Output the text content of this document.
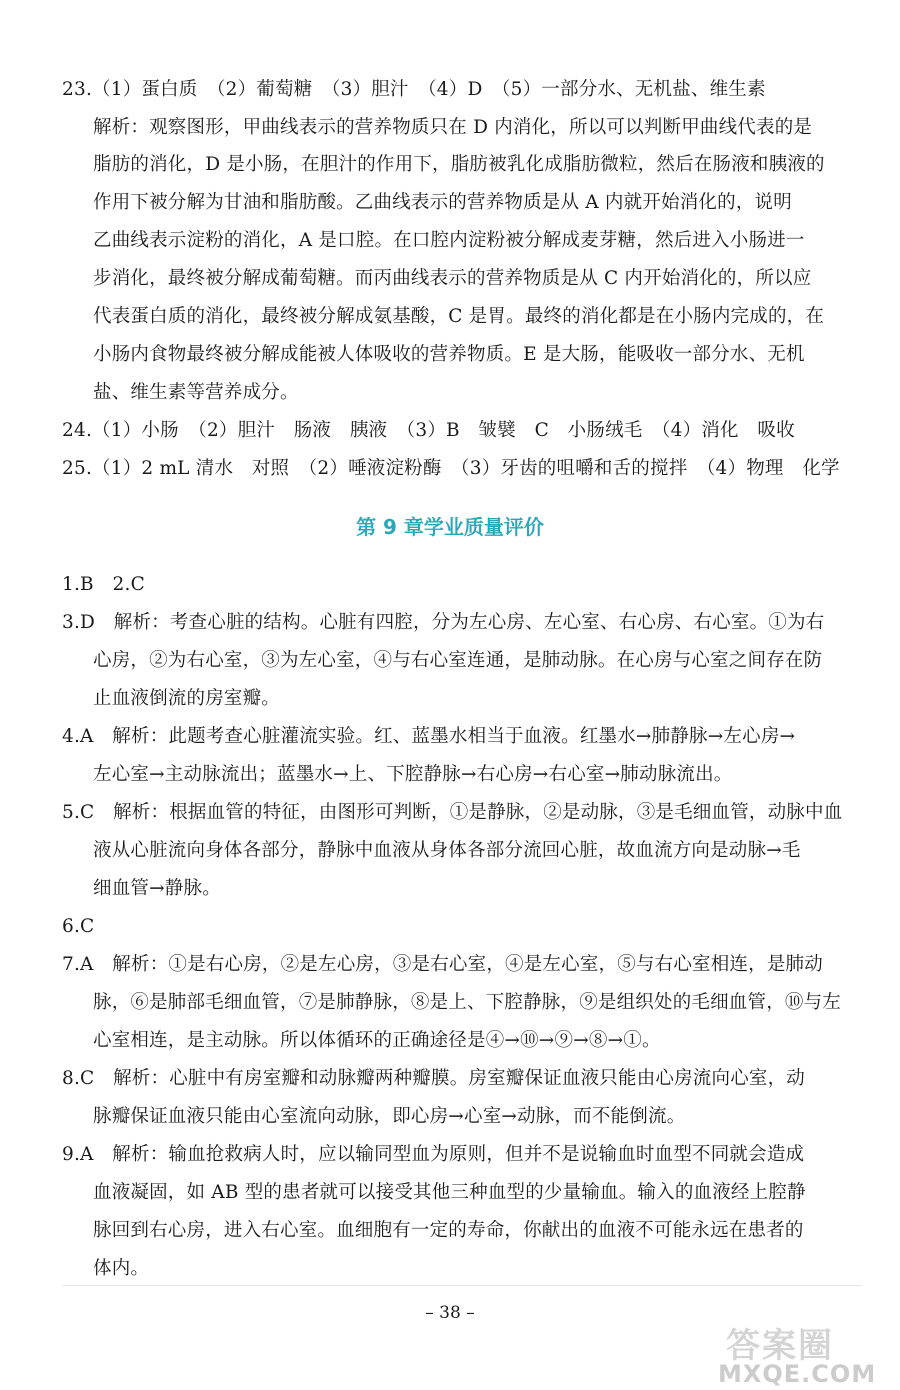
23.（1）蛋白质　（2）葡萄糖　（3）胆汁　（4）D　（5）一部分水、无机盐、维生素
解析：观察图形，甲曲线表示的营养物质只在 D 内消化，所以可以判断甲曲线代表的是
脂肪的消化，D 是小肠，在胆汁的作用下，脂肪被乳化成脂肪微粒，然后在肠液和胰液的
作用下被分解为甘油和脂肪酸。乙曲线表示的营养物质是从 A 内就开始消化的，说明
乙曲线表示淀粉的消化，A 是口腔。在口腔内淀粉被分解成麦芽糖，然后进入小肠进一
步消化，最终被分解成葡萄糖。而丙曲线表示的营养物质是从 C 内开始消化的，所以应
代表蛋白质的消化，最终被分解成氨基酸，C 是胃。最终的消化都是在小肠内完成的，在
小肠内食物最终被分解成能被人体吸收的营养物质。E 是大肠，能吸收一部分水、无机
盐、维生素等营养成分。
24.（1）小肠　（2）胆汁　肠液　胰液　（3）B　皱襞　C　小肠绒毛　（4）消化　吸收
25.（1）2 mL 清水　对照　（2）唾液淀粉酶　（3）牙齿的咀嚼和舌的搅拌　（4）物理　化学
第 9 章学业质量评价
1.B　2.C
3.D　解析：考查心脏的结构。心脏有四腔，分为左心房、左心室、右心房、右心室。①为右
心房，②为右心室，③为左心室，④与右心室连通，是肺动脉。在心房与心室之间存在防
止血液倒流的房室瓣。
4.A　解析：此题考查心脏灌流实验。红、蓝墨水相当于血液。红墨水→肺静脉→左心房→
左心室→主动脉流出；蓝墨水→上、下腔静脉→右心房→右心室→肺动脉流出。
5.C　解析：根据血管的特征，由图形可判断，①是静脉，②是动脉，③是毛细血管，动脉中血
液从心脏流向身体各部分，静脉中血液从身体各部分流回心脏，故血流方向是动脉→毛
细血管→静脉。
6.C
7.A　解析：①是右心房，②是左心房，③是右心室，④是左心室，⑤与右心室相连，是肺动
脉，⑥是肺部毛细血管，⑦是肺静脉，⑧是上、下腔静脉，⑨是组织处的毛细血管，⑩与左
心室相连，是主动脉。所以体循环的正确途径是④→⑩→⑨→⑧→①。
8.C　解析：心脏中有房室瓣和动脉瓣两种瓣膜。房室瓣保证血液只能由心房流向心室，动
脉瓣保证血液只能由心室流向动脉，即心房→心室→动脉，而不能倒流。
9.A　解析：输血抢救病人时，应以输同型血为原则，但并不是说输血时血型不同就会造成
血液凝固，如 AB 型的患者就可以接受其他三种血型的少量输血。输入的血液经上腔静
脉回到右心房，进入右心室。血细胞有一定的寿命，你献出的血液不可能永远在患者的
体内。
– 38 –
答案圈
MXQE.COM
